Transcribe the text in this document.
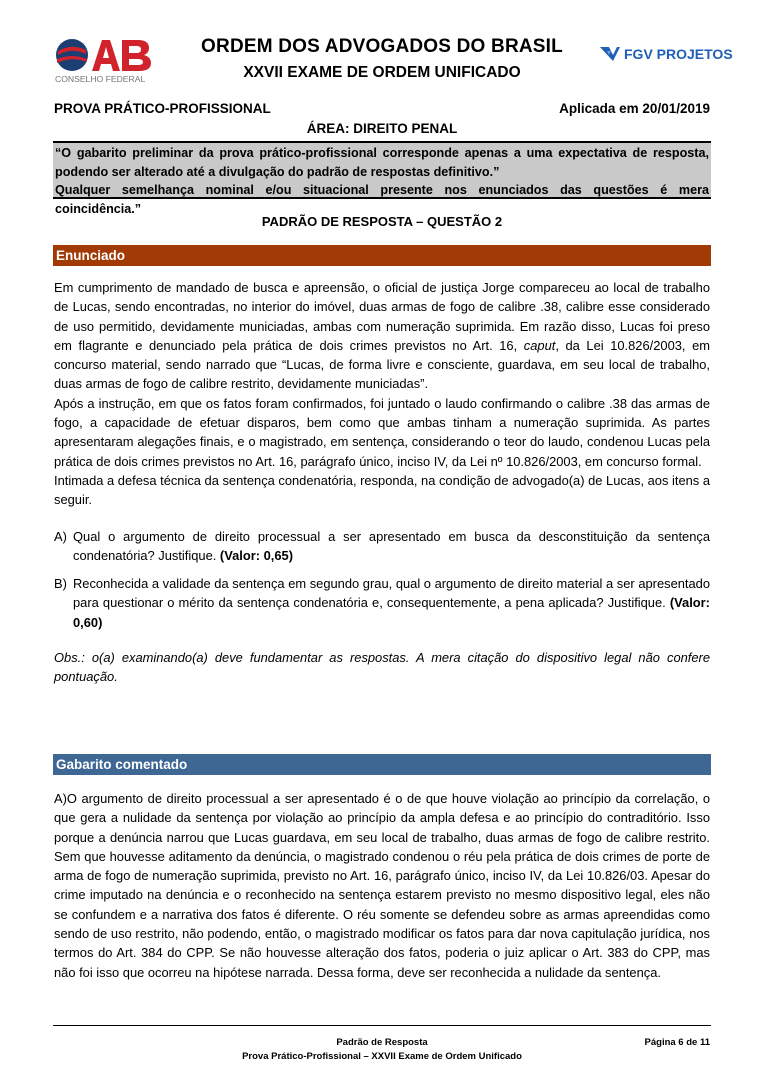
CONSELHO FEDERAL
FGV PROJETOS
ORDEM DOS ADVOGADOS DO BRASIL
XXVII EXAME DE ORDEM UNIFICADO
PROVA PRÁTICO-PROFISSIONAL	Aplicada em 20/01/2019
ÁREA: DIREITO PENAL

“O gabarito preliminar da prova prático-profissional corresponde apenas a uma expectativa de resposta,

podendo ser alterado até a divulgação do padrão de respostas definitivo.”

Qualquer semelhança nominal e/ou situacional presente nos enunciados das questões é mera coincidência.”

PADRÃO DE RESPOSTA – QUESTÃO 2
Enunciado

Em cumprimento de mandado de busca e apreensão, o oficial de justiça Jorge compareceu ao local de trabalho de Lucas, sendo encontradas, no interior do imóvel, duas armas de fogo de calibre .38, calibre esse considerado de uso permitido, devidamente municiadas, ambas com numeração suprimida. Em razão disso, Lucas foi preso em flagrante e denunciado pela prática de dois crimes previstos no Art. 16, caput, da Lei 10.826/2003, em concurso material, sendo narrado que “Lucas, de forma livre e consciente, guardava, em seu local de trabalho, duas armas de fogo de calibre restrito, devidamente municiadas”.

Após a instrução, em que os fatos foram confirmados, foi juntado o laudo confirmando o calibre .38 das armas de fogo, a capacidade de efetuar disparos, bem como que ambas tinham a numeração suprimida. As partes apresentaram alegações finais, e o magistrado, em sentença, considerando o teor do laudo, condenou Lucas pela prática de dois crimes previstos no Art. 16, parágrafo único, inciso IV, da Lei nº 10.826/2003, em concurso formal.

Intimada a defesa técnica da sentença condenatória, responda, na condição de advogado(a) de Lucas, aos itens a seguir.

A) Qual o argumento de direito processual a ser apresentado em busca da desconstituição da sentença condenatória? Justifique. (Valor: 0,65)
B) Reconhecida a validade da sentença em segundo grau, qual o argumento de direito material a ser apresentado para questionar o mérito da sentença condenatória e, consequentemente, a pena aplicada? Justifique. (Valor: 0,60)
Obs.: o(a) examinando(a) deve fundamentar as respostas. A mera citação do dispositivo legal não confere pontuação.
Gabarito comentado

A)O argumento de direito processual a ser apresentado é o de que houve violação ao princípio da correlação, o que gera a nulidade da sentença por violação ao princípio da ampla defesa e ao princípio do contraditório. Isso porque a denúncia narrou que Lucas guardava, em seu local de trabalho, duas armas de fogo de calibre restrito. Sem que houvesse aditamento da denúncia, o magistrado condenou o réu pela prática de dois crimes de porte de arma de fogo de numeração suprimida, previsto no Art. 16, parágrafo único, inciso IV, da Lei 10.826/03. Apesar do crime imputado na denúncia e o reconhecido na sentença estarem previsto no mesmo dispositivo legal, eles não se confundem e a narrativa dos fatos é diferente. O réu somente se defendeu sobre as armas apreendidas como sendo de uso restrito, não podendo, então, o magistrado modificar os fatos para dar nova capitulação jurídica, nos termos do Art. 384 do CPP. Se não houvesse alteração dos fatos, poderia o juiz aplicar o Art. 383 do CPP, mas não foi isso que ocorreu na hipótese narrada. Dessa forma, deve ser reconhecida a nulidade da sentença.

Padrão de Resposta
Prova Prático-Profissional – XXVII Exame de Ordem Unificado
Página 6 de 11
